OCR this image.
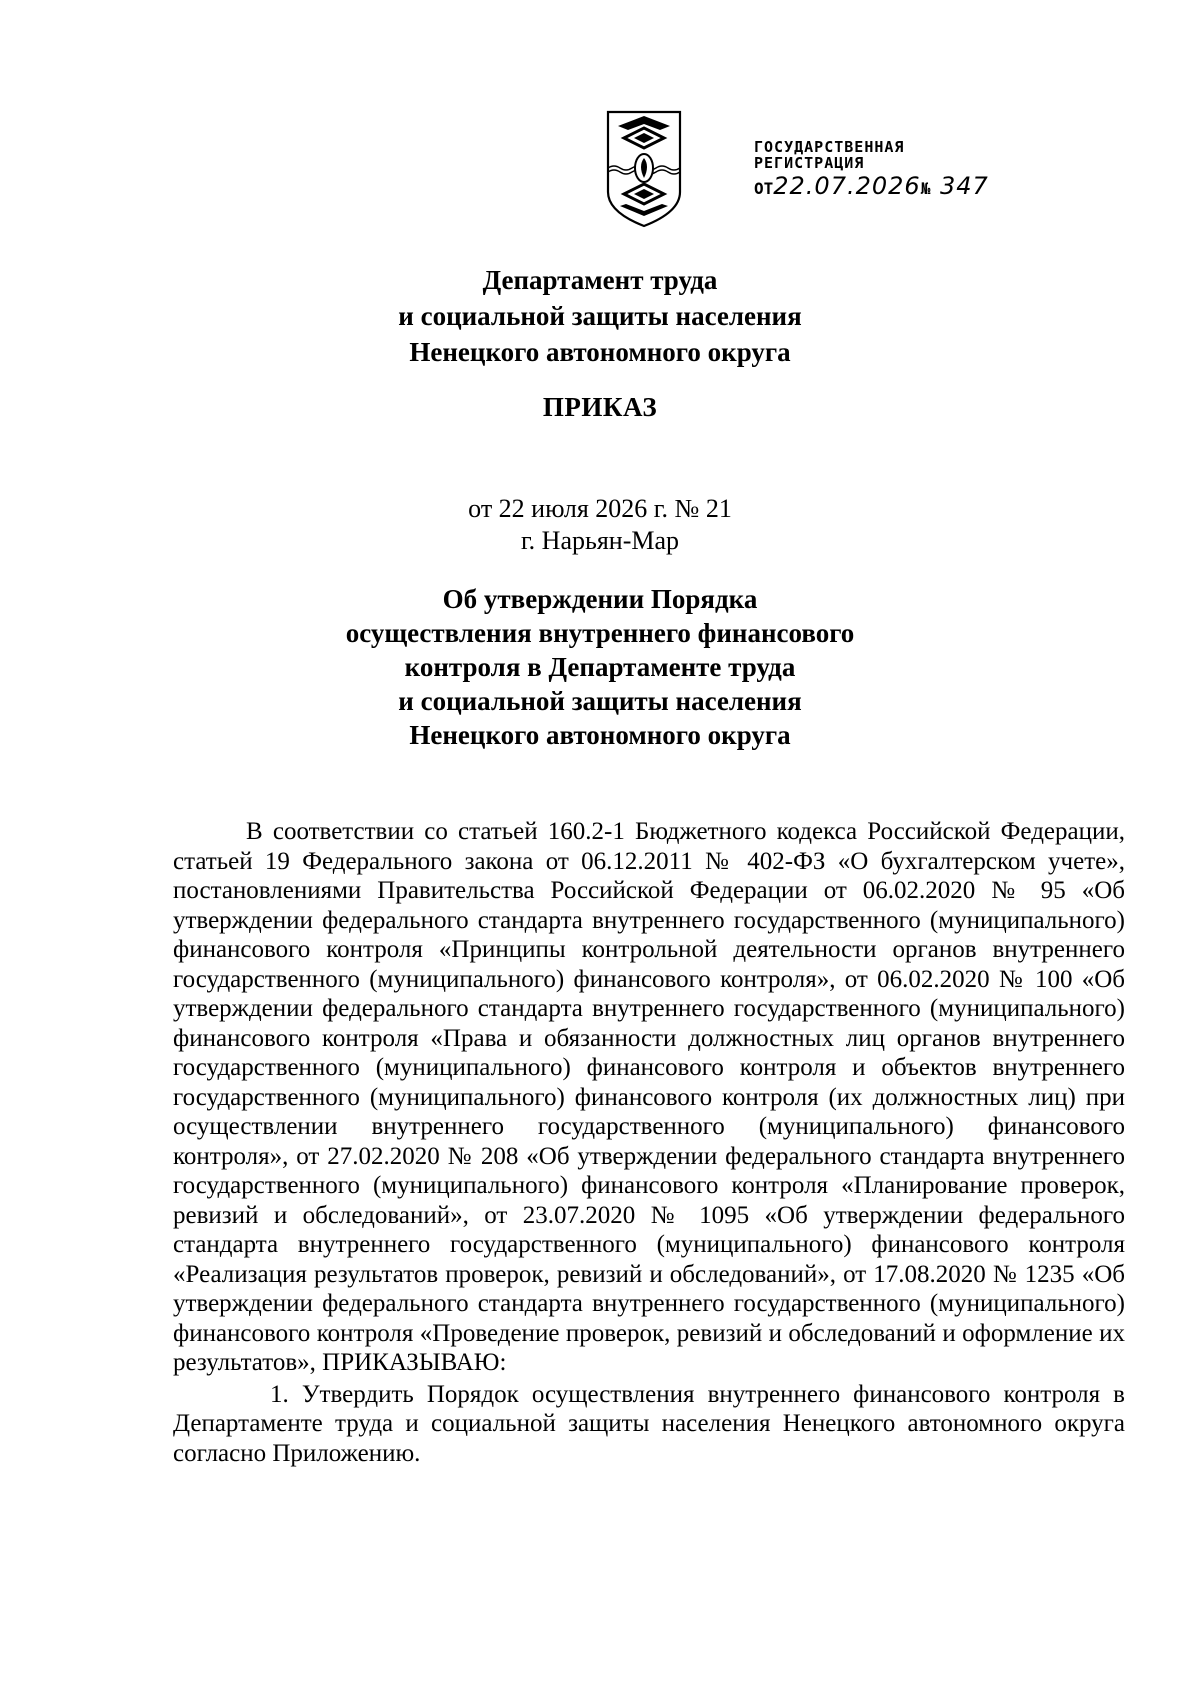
ГОСУДАРСТВЕННАЯ
РЕГИСТРАЦИЯ
ОТ22.07.2026№ 347
Департамент труда
и социальной защиты населения
Ненецкого автономного округа
ПРИКАЗ
от 22 июля 2026 г. № 21
г. Нарьян-Мар
Об утверждении Порядка
осуществления внутреннего финансового
контроля в Департаменте труда
и социальной защиты населения
Ненецкого автономного округа

В соответствии со статьей 160.2-1 Бюджетного кодекса Российской Федерации, статьей 19 Федерального закона от 06.12.2011 № 402-ФЗ «О бухгалтерском учете», постановлениями Правительства Российской Федерации от 06.02.2020 № 95 «Об утверждении федерального стандарта внутреннего государственного (муниципального) финансового контроля «Принципы контрольной деятельности органов внутреннего государственного (муниципального) финансового контроля», от 06.02.2020 № 100 «Об утверждении федерального стандарта внутреннего государственного (муниципального) финансового контроля «Права и обязанности должностных лиц органов внутреннего государственного (муниципального) финансового контроля и объектов внутреннего государственного (муниципального) финансового контроля (их должностных лиц) при осуществлении внутреннего государственного (муниципального) финансового контроля», от 27.02.2020 № 208 «Об утверждении федерального стандарта внутреннего государственного (муниципального) финансового контроля «Планирование проверок, ревизий и обследований», от 23.07.2020 № 1095 «Об утверждении федерального стандарта внутреннего государственного (муниципального) финансового контроля «Реализация результатов проверок, ревизий и обследований», от 17.08.2020 № 1235 «Об утверждении федерального стандарта внутреннего государственного (муниципального) финансового контроля «Проведение проверок, ревизий и обследований и оформление их результатов», ПРИКАЗЫВАЮ:

1. Утвердить Порядок осуществления внутреннего финансового контроля в Департаменте труда и социальной защиты населения Ненецкого автономного округа согласно Приложению.
